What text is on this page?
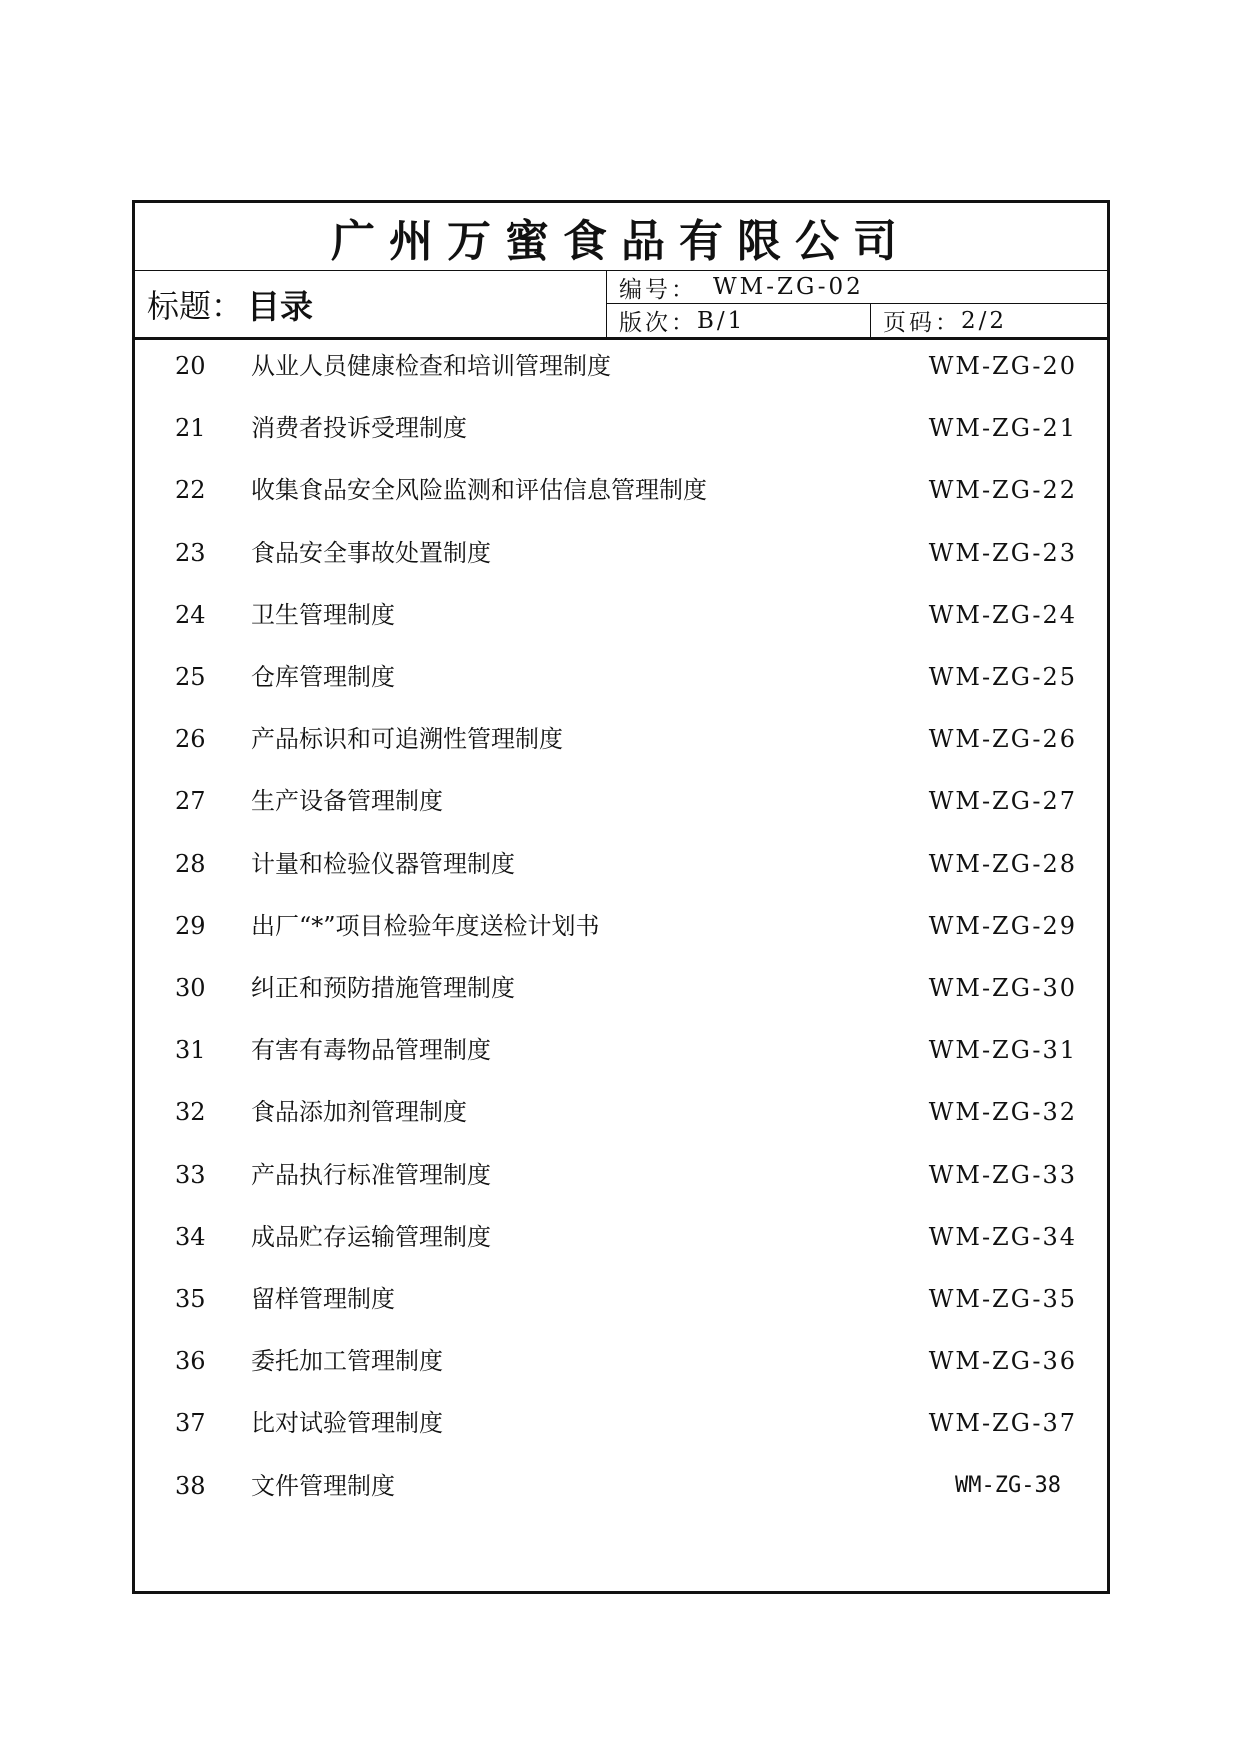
广州万蜜食品有限公司
标题： 目录	编号： WM-ZG-02
版次： B/1	页码： 2/2
20	从业人员健康检查和培训管理制度	WM-ZG-20
21	消费者投诉受理制度	WM-ZG-21
22	收集食品安全风险监测和评估信息管理制度	WM-ZG-22
23	食品安全事故处置制度	WM-ZG-23
24	卫生管理制度	WM-ZG-24
25	仓库管理制度	WM-ZG-25
26	产品标识和可追溯性管理制度	WM-ZG-26
27	生产设备管理制度	WM-ZG-27
28	计量和检验仪器管理制度	WM-ZG-28
29	出厂“*”项目检验年度送检计划书	WM-ZG-29
30	纠正和预防措施管理制度	WM-ZG-30
31	有害有毒物品管理制度	WM-ZG-31
32	食品添加剂管理制度	WM-ZG-32
33	产品执行标准管理制度	WM-ZG-33
34	成品贮存运输管理制度	WM-ZG-34
35	留样管理制度	WM-ZG-35
36	委托加工管理制度	WM-ZG-36
37	比对试验管理制度	WM-ZG-37
38	文件管理制度	WM-ZG-38
